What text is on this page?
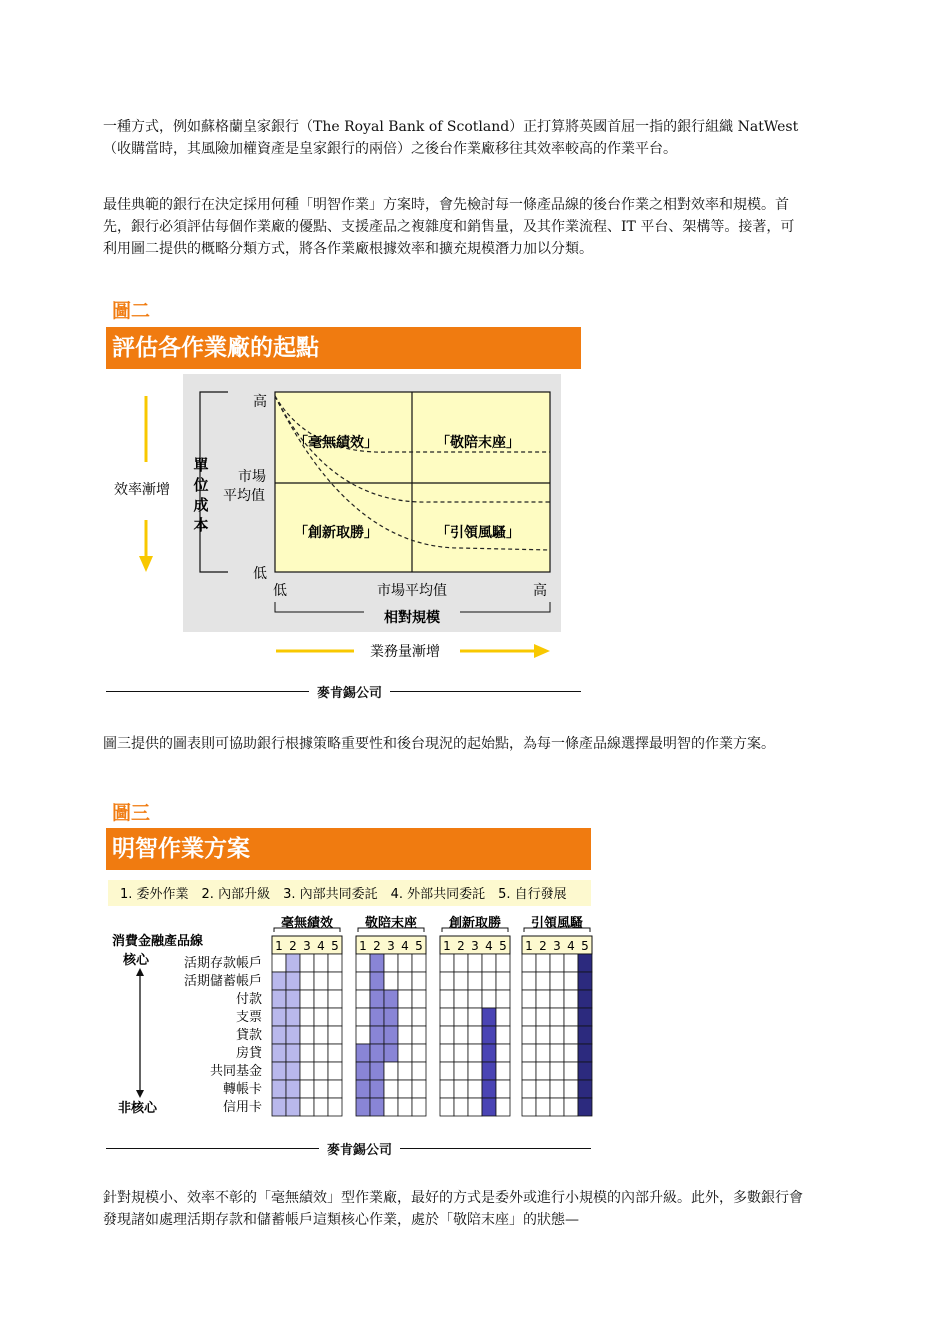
一種方式，例如蘇格蘭皇家銀行（The Royal Bank of Scotland）正打算將英國首屈一指的銀行組織 NatWest（收購當時，其風險加權資產是皇家銀行的兩倍）之後台作業廠移往其效率較高的作業平台。

最佳典範的銀行在決定採用何種「明智作業」方案時，會先檢討每一條產品線的後台作業之相對效率和規模。首先，銀行必須評估每個作業廠的優點、支援產品之複雜度和銷售量，及其作業流程、IT 平台、架構等。接著，可利用圖二提供的概略分類方式，將各作業廠根據效率和擴充規模潛力加以分類。

圖二
評估各作業廠的起點
高
市場
平均值
低
單
位
成
本
「毫無績效」	「敬陪末座」
「創新取勝」	「引領風騷」
低	市場平均值	高
相對規模
效率漸增
業務量漸增
麥肯錫公司

圖三提供的圖表則可協助銀行根據策略重要性和後台現況的起始點，為每一條產品線選擇最明智的作業方案。

圖三
明智作業方案
1. 委外作業　2. 內部升級　3. 內部共同委託　4. 外部共同委託　5. 自行發展
消費金融產品線
核心
非核心
活期存款帳戶
活期儲蓄帳戶
付款
支票
貸款
房貸
共同基金
轉帳卡
信用卡
毫無績效
1 2 3 4 5
敬陪末座
1 2 3 4 5
創新取勝
1 2 3 4 5
引領風騷
1 2 3 4 5
麥肯錫公司

針對規模小、效率不彰的「毫無績效」型作業廠，最好的方式是委外或進行小規模的內部升級。此外，多數銀行會發現諸如處理活期存款和儲蓄帳戶這類核心作業，處於「敬陪末座」的狀態—
